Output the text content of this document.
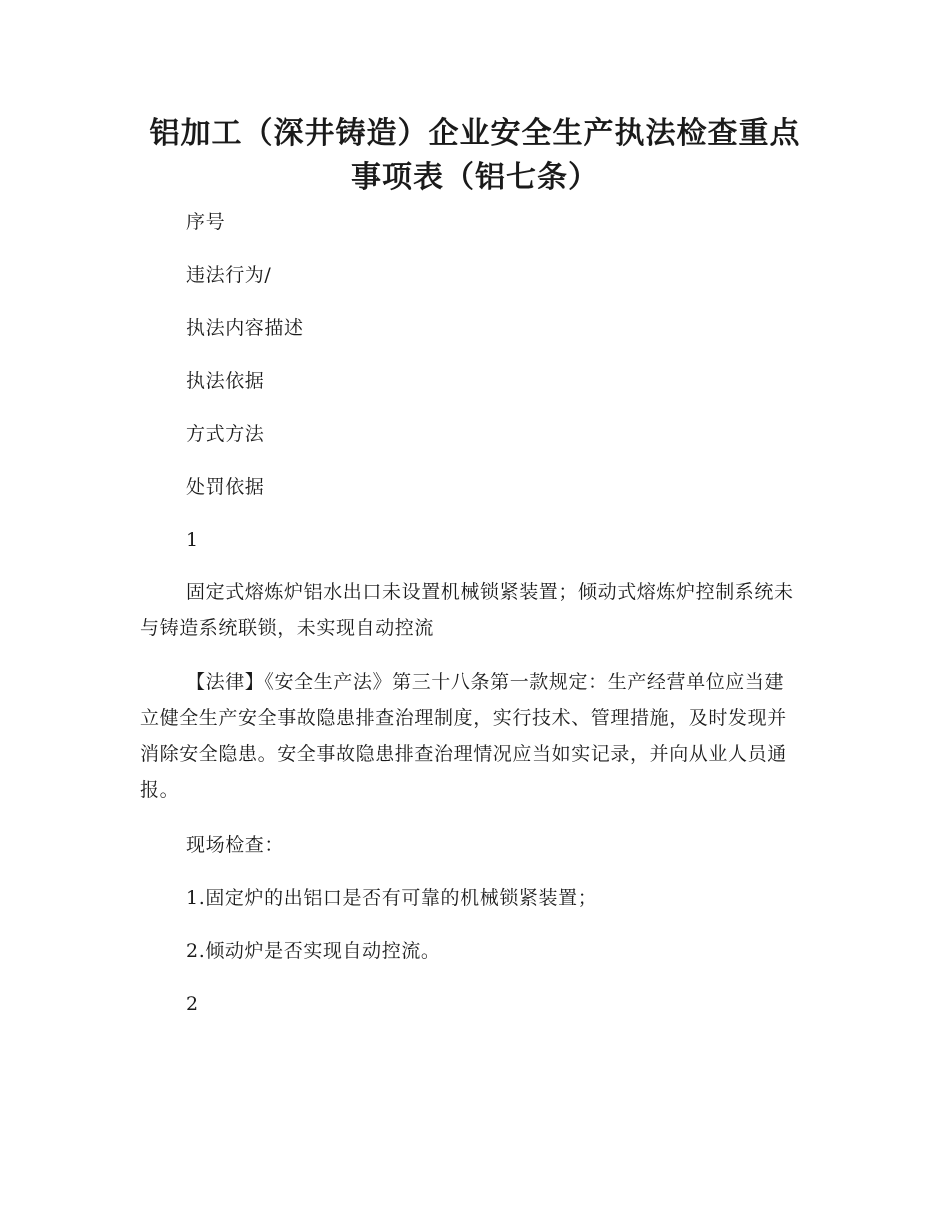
铝加工（深井铸造）企业安全生产执法检查重点
事项表（铝七条）

序号

违法行为/

执法内容描述

执法依据

方式方法

处罚依据

1

固定式熔炼炉铝水出口未设置机械锁紧装置；倾动式熔炼炉控制系统未与铸造系统联锁，未实现自动控流

【法律】《安全生产法》第三十八条第一款规定：生产经营单位应当建立健全生产安全事故隐患排查治理制度，实行技术、管理措施，及时发现并消除安全隐患。安全事故隐患排查治理情况应当如实记录，并向从业人员通报。

现场检查：

1.固定炉的出铝口是否有可靠的机械锁紧装置；

2.倾动炉是否实现自动控流。

2
